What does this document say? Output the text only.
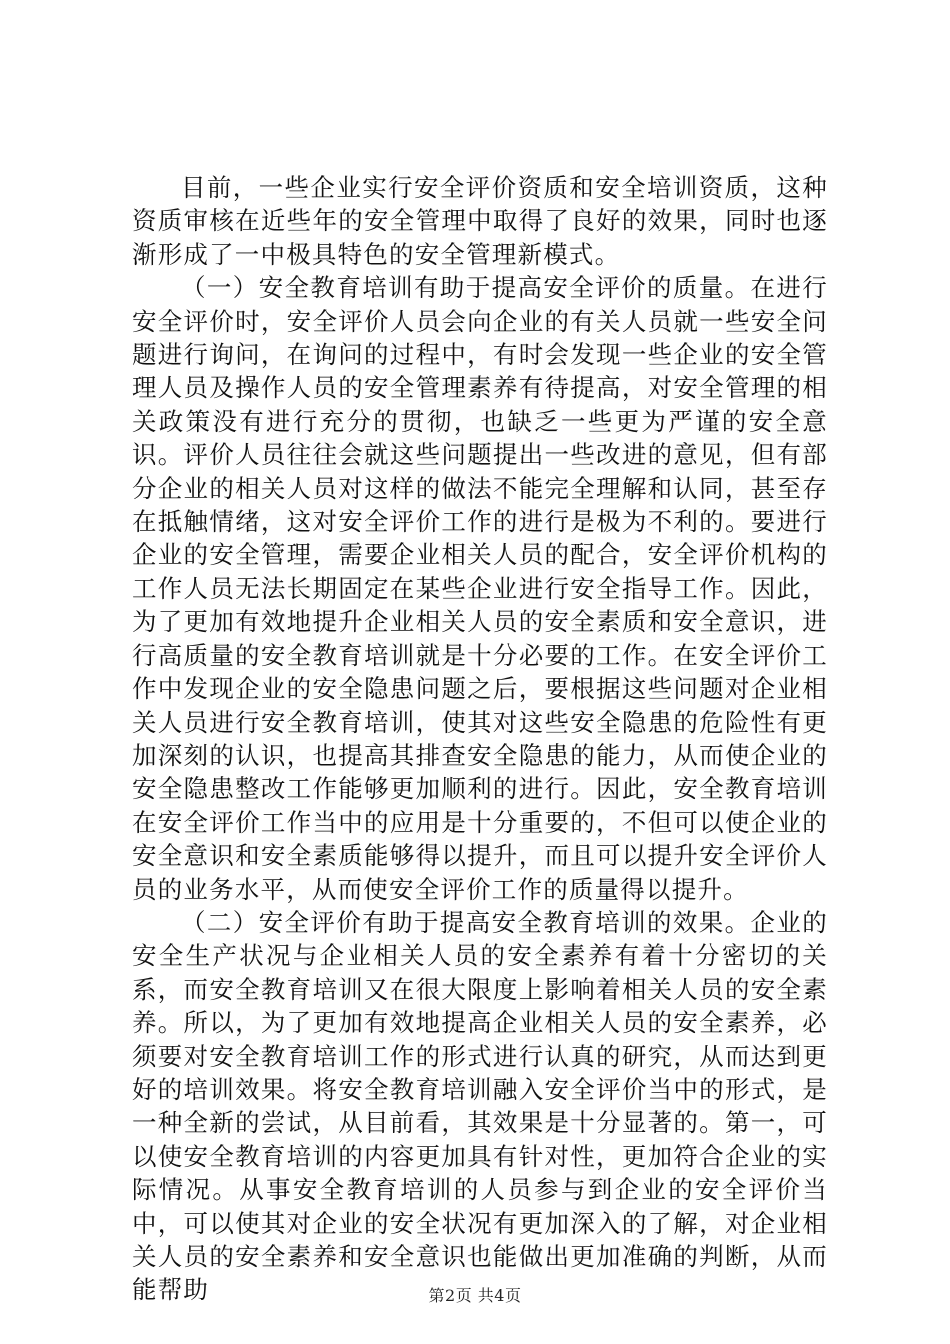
目前，一些企业实行安全评价资质和安全培训资质，这种资质审核在近些年的安全管理中取得了良好的效果，同时也逐渐形成了一中极具特色的安全管理新模式。

（一）安全教育培训有助于提高安全评价的质量。在进行安全评价时，安全评价人员会向企业的有关人员就一些安全问题进行询问，在询问的过程中，有时会发现一些企业的安全管理人员及操作人员的安全管理素养有待提高，对安全管理的相关政策没有进行充分的贯彻，也缺乏一些更为严谨的安全意识。评价人员往往会就这些问题提出一些改进的意见，但有部分企业的相关人员对这样的做法不能完全理解和认同，甚至存在抵触情绪，这对安全评价工作的进行是极为不利的。要进行企业的安全管理，需要企业相关人员的配合，安全评价机构的工作人员无法长期固定在某些企业进行安全指导工作。因此，为了更加有效地提升企业相关人员的安全素质和安全意识，进行高质量的安全教育培训就是十分必要的工作。在安全评价工作中发现企业的安全隐患问题之后，要根据这些问题对企业相关人员进行安全教育培训，使其对这些安全隐患的危险性有更加深刻的认识，也提高其排查安全隐患的能力，从而使企业的安全隐患整改工作能够更加顺利的进行。因此，安全教育培训在安全评价工作当中的应用是十分重要的，不但可以使企业的安全意识和安全素质能够得以提升，而且可以提升安全评价人员的业务水平，从而使安全评价工作的质量得以提升。

（二）安全评价有助于提高安全教育培训的效果。企业的安全生产状况与企业相关人员的安全素养有着十分密切的关系，而安全教育培训又在很大限度上影响着相关人员的安全素养。所以，为了更加有效地提高企业相关人员的安全素养，必须要对安全教育培训工作的形式进行认真的研究，从而达到更好的培训效果。将安全教育培训融入安全评价当中的形式，是一种全新的尝试，从目前看，其效果是十分显著的。第一，可以使安全教育培训的内容更加具有针对性，更加符合企业的实际情况。从事安全教育培训的人员参与到企业的安全评价当中，可以使其对企业的安全状况有更加深入的了解，对企业相关人员的安全素养和安全意识也能做出更加准确的判断，从而能帮助	第2页 共4页
